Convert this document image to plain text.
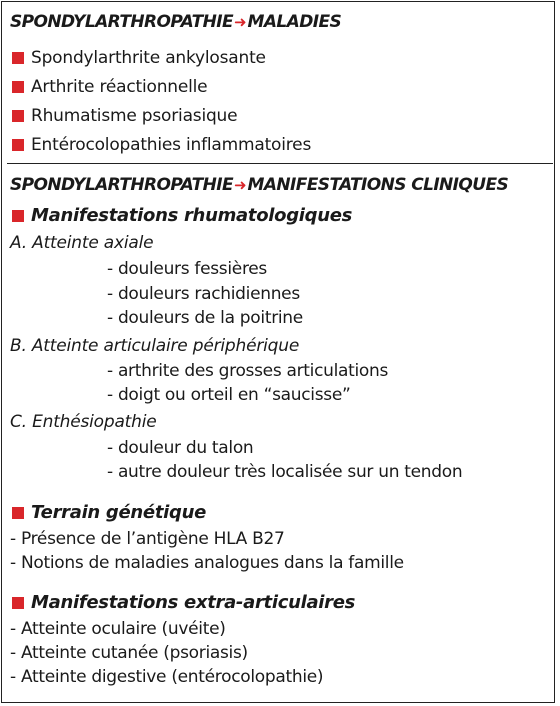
SPONDYLARTHROPATHIE➜MALADIES
Spondylarthrite ankylosante
Arthrite réactionnelle
Rhumatisme psoriasique
Entérocolopathies inflammatoires
SPONDYLARTHROPATHIE➜MANIFESTATIONS CLINIQUES
Manifestations rhumatologiques
A. Atteinte axiale
- douleurs fessières
- douleurs rachidiennes
- douleurs de la poitrine
B. Atteinte articulaire périphérique
- arthrite des grosses articulations
- doigt ou orteil en “saucisse”
C. Enthésiopathie
- douleur du talon
- autre douleur très localisée sur un tendon
Terrain génétique
- Présence de l’antigène HLA B27
- Notions de maladies analogues dans la famille
Manifestations extra-articulaires
- Atteinte oculaire (uvéite)
- Atteinte cutanée (psoriasis)
- Atteinte digestive (entérocolopathie)
